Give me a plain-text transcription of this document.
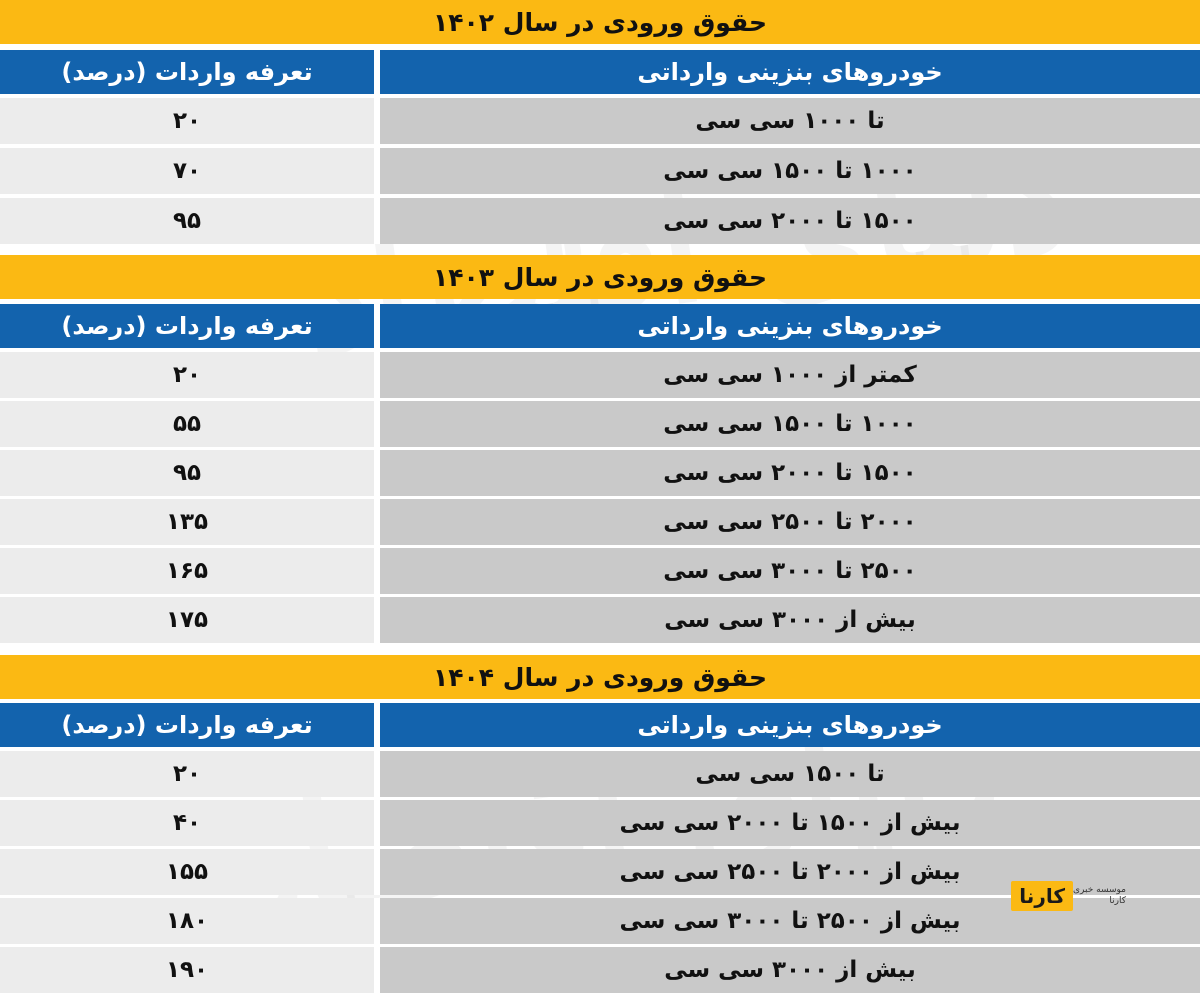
حقوق ورودی در سال ۱۴۰۲
خودروهای بنزینی وارداتی
تعرفه واردات (درصد)
تا ۱۰۰۰ سی سی
۲۰
۱۰۰۰ تا ۱۵۰۰ سی سی
۷۰
۱۵۰۰ تا ۲۰۰۰ سی سی
۹۵
حقوق ورودی در سال ۱۴۰۳
خودروهای بنزینی وارداتی
تعرفه واردات (درصد)
کمتر از ۱۰۰۰ سی سی
۲۰
۱۰۰۰ تا ۱۵۰۰ سی سی
۵۵
۱۵۰۰ تا ۲۰۰۰ سی سی
۹۵
۲۰۰۰ تا ۲۵۰۰ سی سی
۱۳۵
۲۵۰۰ تا ۳۰۰۰ سی سی
۱۶۵
بیش از ۳۰۰۰ سی سی
۱۷۵
حقوق ورودی در سال ۱۴۰۴
خودروهای بنزینی وارداتی
تعرفه واردات (درصد)
تا ۱۵۰۰ سی سی
۲۰
بیش از ۱۵۰۰ تا ۲۰۰۰ سی سی
۴۰
بیش از ۲۰۰۰ تا ۲۵۰۰ سی سی
۱۵۵
بیش از ۲۵۰۰ تا ۳۰۰۰ سی سی
۱۸۰
بیش از ۳۰۰۰ سی سی
۱۹۰
موسسه خبری
کارنا
کارنا
